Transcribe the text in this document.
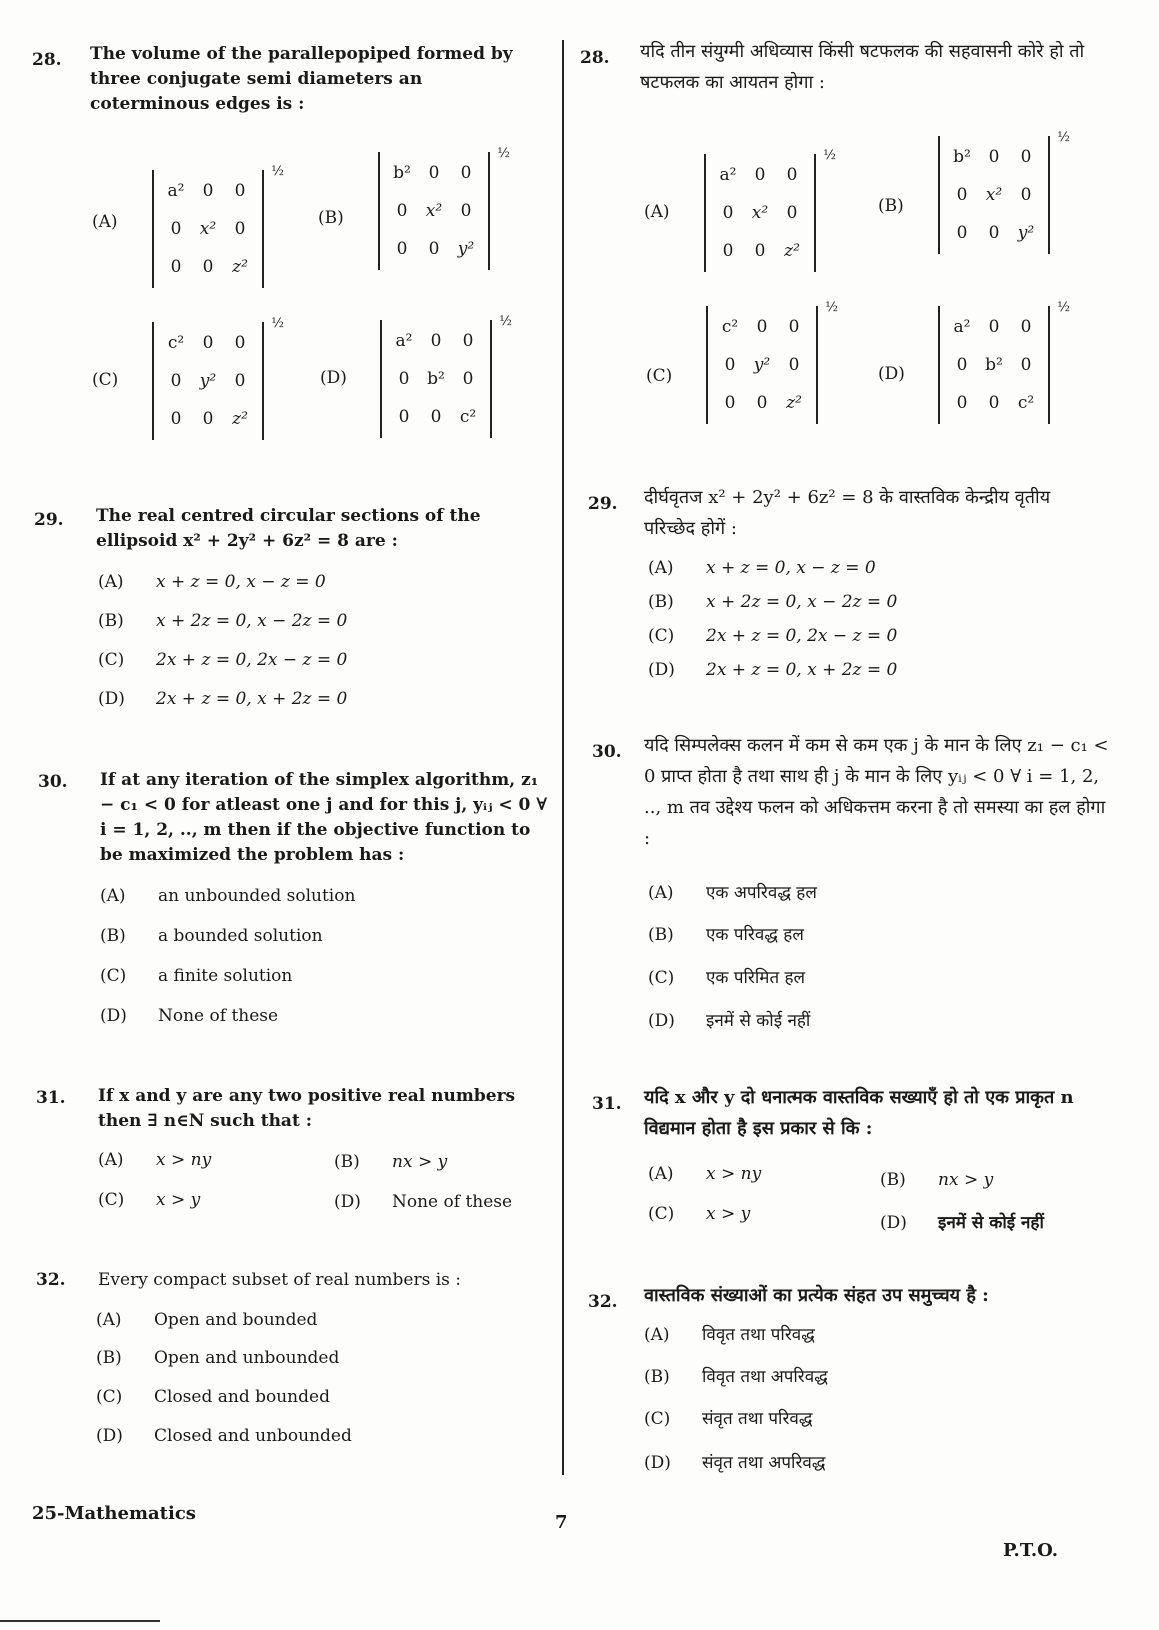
28. The volume of the parallepopiped formed by three conjugate semi diameters an coterminous edges is :
(A)
a²	0	0
0	x²	0
0	0	z²
½
(B)
b²	0	0
0	x²	0
0	0	y²
½
(C)
c²	0	0
0	y²	0
0	0	z²
½
(D)
a²	0	0
0	b²	0
0	0	c²
½
29. The real centred circular sections of the ellipsoid x² + 2y² + 6z² = 8 are :
(A) x + z = 0, x − z = 0
(B) x + 2z = 0, x − 2z = 0
(C) 2x + z = 0, 2x − z = 0
(D) 2x + z = 0, x + 2z = 0
30. If at any iteration of the simplex algorithm, z₁ − c₁ < 0 for atleast one j and for this j, yᵢⱼ < 0 ∀ i = 1, 2, .., m then if the objective function to be maximized the problem has :
(A) an unbounded solution
(B) a bounded solution
(C) a finite solution
(D) None of these
31. If x and y are any two positive real numbers then ∃ n∈N such that :
(A) x > ny	(B) nx > y
(C) x > y	(D) None of these
32. Every compact subset of real numbers is :
(A) Open and bounded
(B) Open and unbounded
(C) Closed and bounded
(D) Closed and unbounded
28. यदि तीन संयुग्मी अधिव्यास किंसी षटफलक की सहवासनी कोरे हो तो षटफलक का आयतन होगा :
(A)
a²	0	0
0	x²	0
0	0	z²
½
(B)
b²	0	0
0	x²	0
0	0	y²
½
(C)
c²	0	0
0	y²	0
0	0	z²
½
(D)
a²	0	0
0	b²	0
0	0	c²
½
29. दीर्घवृतज x² + 2y² + 6z² = 8 के वास्तविक केन्द्रीय वृतीय परिच्छेद होगें :
(A) x + z = 0, x − z = 0
(B) x + 2z = 0, x − 2z = 0
(C) 2x + z = 0, 2x − z = 0
(D) 2x + z = 0, x + 2z = 0
30. यदि सिम्पलेक्स कलन में कम से कम एक j के मान के लिए z₁ − c₁ < 0 प्राप्त होता है तथा साथ ही j के मान के लिए yᵢⱼ < 0 ∀ i = 1, 2, .., m तव उद्देश्य फलन को अधिकत्तम करना है तो समस्या का हल होगा :
(A) एक अपरिवद्ध हल
(B) एक परिवद्ध हल
(C) एक परिमित हल
(D) इनमें से कोई नहीं
31. यदि x और y दो धनात्मक वास्तविक सख्याएँ हो तो एक प्राकृत n विद्यमान होता है इस प्रकार से कि :
(A) x > ny	(B) nx > y
(C) x > y	(D) इनमें से कोई नहीं
32. वास्तविक संख्याओं का प्रत्येक संहत उप समुच्चय है :
(A) विवृत तथा परिवद्ध
(B) विवृत तथा अपरिवद्ध
(C) संवृत तथा परिवद्ध
(D) संवृत तथा अपरिवद्ध
25-Mathematics	7
P.T.O.
